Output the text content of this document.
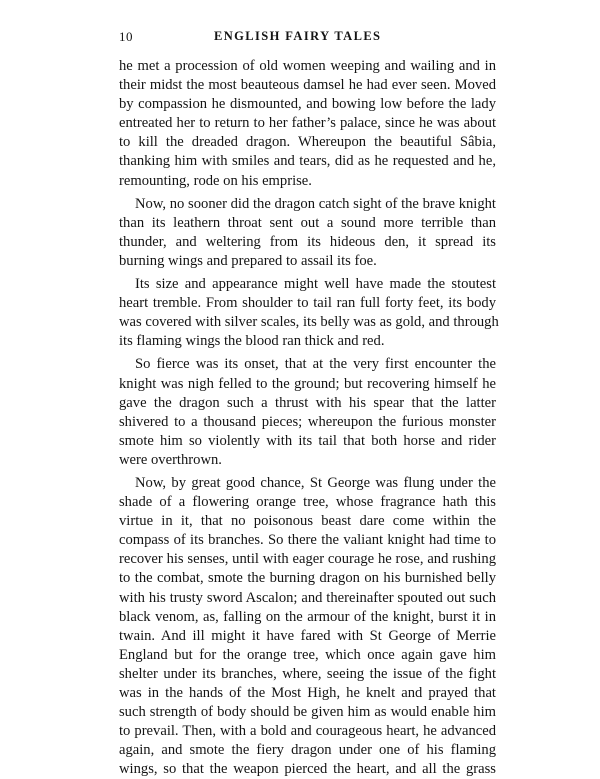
10	ENGLISH FAIRY TALES

he met a procession of old women weeping and wailing and in
their midst the most beauteous damsel he had ever seen. Moved
by compassion he dismounted, and bowing low before the lady
entreated her to return to her father’s palace, since he was about
to kill the dreaded dragon. Whereupon the beautiful Sâbia,
thanking him with smiles and tears, did as he requested and he,
remounting, rode on his emprise.

Now, no sooner did the dragon catch sight of the brave knight
than its leathern throat sent out a sound more terrible than
thunder, and weltering from its hideous den, it spread its
burning wings and prepared to assail its foe.

Its size and appearance might well have made the stoutest
heart tremble. From shoulder to tail ran full forty feet, its body
was covered with silver scales, its belly was as gold, and through
its flaming wings the blood ran thick and red.

So fierce was its onset, that at the very first encounter the
knight was nigh felled to the ground; but recovering himself he
gave the dragon such a thrust with his spear that the latter
shivered to a thousand pieces; whereupon the furious monster
smote him so violently with its tail that both horse and rider
were overthrown.

Now, by great good chance, St George was flung under the
shade of a flowering orange tree, whose fragrance hath this
virtue in it, that no poisonous beast dare come within the
compass of its branches. So there the valiant knight had time to
recover his senses, until with eager courage he rose, and rushing
to the combat, smote the burning dragon on his burnished belly
with his trusty sword Ascalon; and thereinafter spouted out such
black venom, as, falling on the armour of the knight, burst it in
twain. And ill might it have fared with St George of Merrie
England but for the orange tree, which once again gave him
shelter under its branches, where, seeing the issue of the fight
was in the hands of the Most High, he knelt and prayed that
such strength of body should be given him as would enable him
to prevail. Then, with a bold and courageous heart, he advanced
again, and smote the fiery dragon under one of his flaming
wings, so that the weapon pierced the heart, and all the grass
